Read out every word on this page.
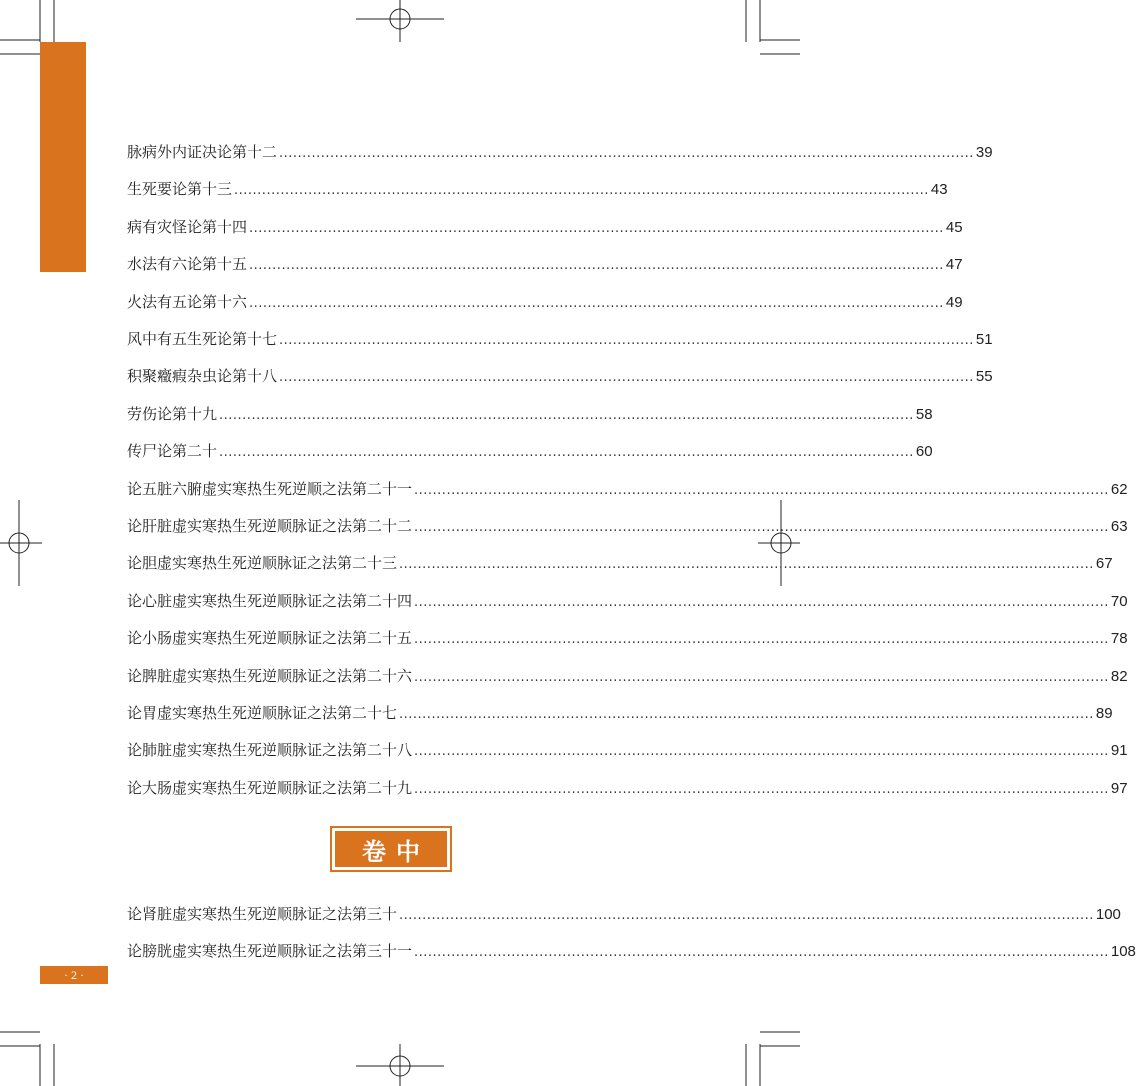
脉病外内证决论第十二 ...................................................................................................................................................... 39
生死要论第十三 ...................................................................................................................................................... 43
病有灾怪论第十四 ...................................................................................................................................................... 45
水法有六论第十五 ...................................................................................................................................................... 47
火法有五论第十六 ...................................................................................................................................................... 49
风中有五生死论第十七 ...................................................................................................................................................... 51
积聚癥瘕杂虫论第十八 ...................................................................................................................................................... 55
劳伤论第十九 ...................................................................................................................................................... 58
传尸论第二十 ...................................................................................................................................................... 60
论五脏六腑虚实寒热生死逆顺之法第二十一 ...................................................................................................................................................... 62
论肝脏虚实寒热生死逆顺脉证之法第二十二 ...................................................................................................................................................... 63
论胆虚实寒热生死逆顺脉证之法第二十三 ...................................................................................................................................................... 67
论心脏虚实寒热生死逆顺脉证之法第二十四 ...................................................................................................................................................... 70
论小肠虚实寒热生死逆顺脉证之法第二十五 ...................................................................................................................................................... 78
论脾脏虚实寒热生死逆顺脉证之法第二十六 ...................................................................................................................................................... 82
论胃虚实寒热生死逆顺脉证之法第二十七 ...................................................................................................................................................... 89
论肺脏虚实寒热生死逆顺脉证之法第二十八 ...................................................................................................................................................... 91
论大肠虚实寒热生死逆顺脉证之法第二十九 ...................................................................................................................................................... 97
论肾脏虚实寒热生死逆顺脉证之法第三十 ...................................................................................................................................................... 100
论膀胱虚实寒热生死逆顺脉证之法第三十一 ...................................................................................................................................................... 108
卷中
· 2 ·
